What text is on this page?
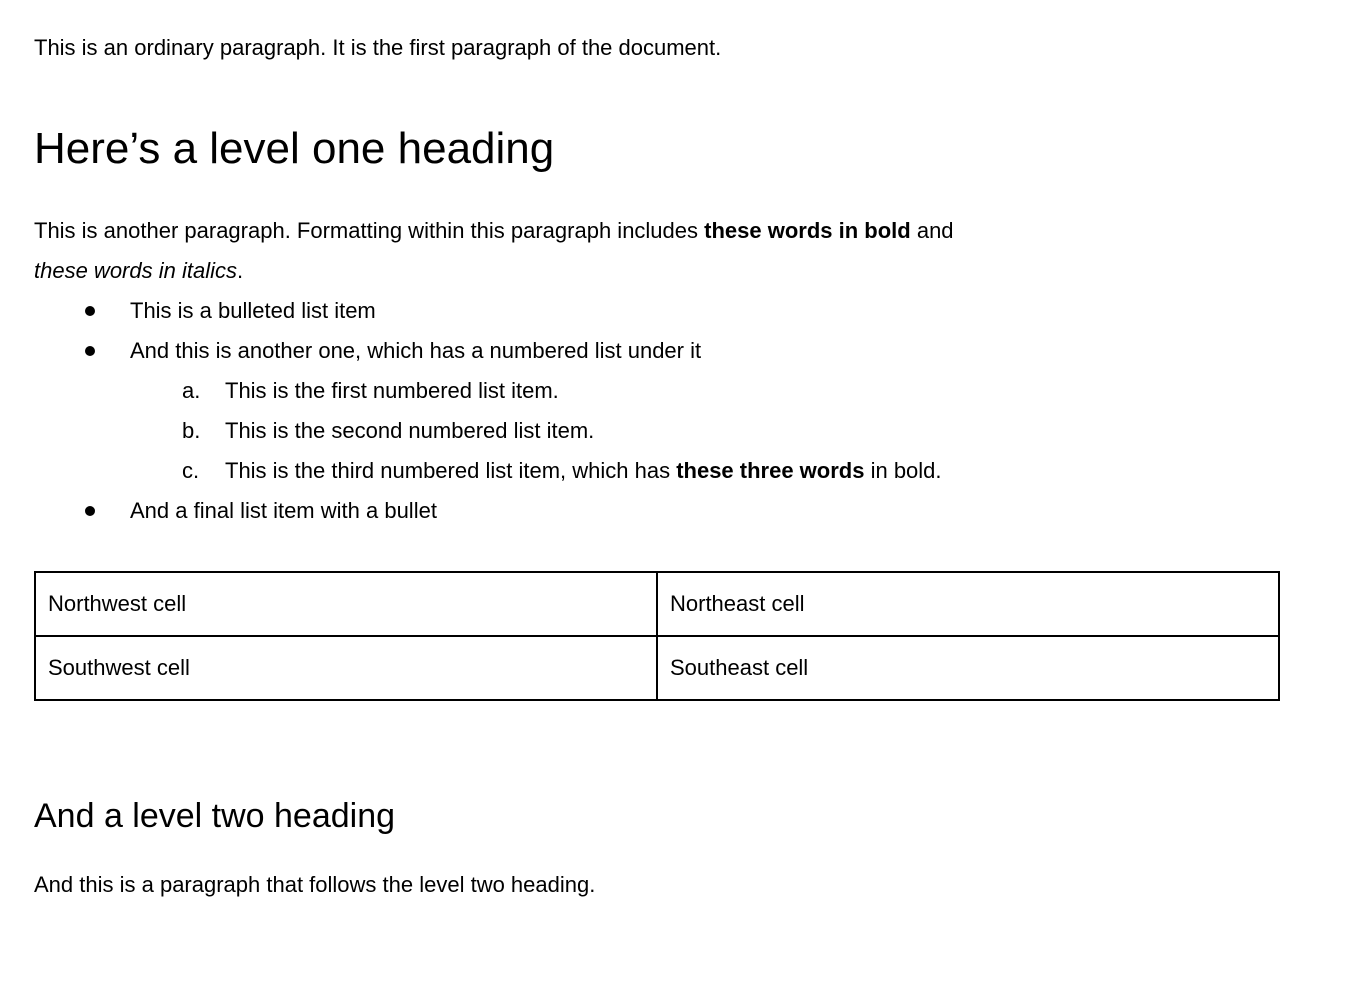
This is an ordinary paragraph. It is the first paragraph of the document.

Here’s a level one heading

This is another paragraph. Formatting within this paragraph includes these words in bold and
these words in italics.

This is a bulleted list item
And this is another one, which has a numbered list under it
a. This is the first numbered list item.
b. This is the second numbered list item.
c. This is the third numbered list item, which has these three words in bold.
And a final list item with a bullet
Northwest cell	Northeast cell
Southwest cell	Southeast cell
And a level two heading

And this is a paragraph that follows the level two heading.
